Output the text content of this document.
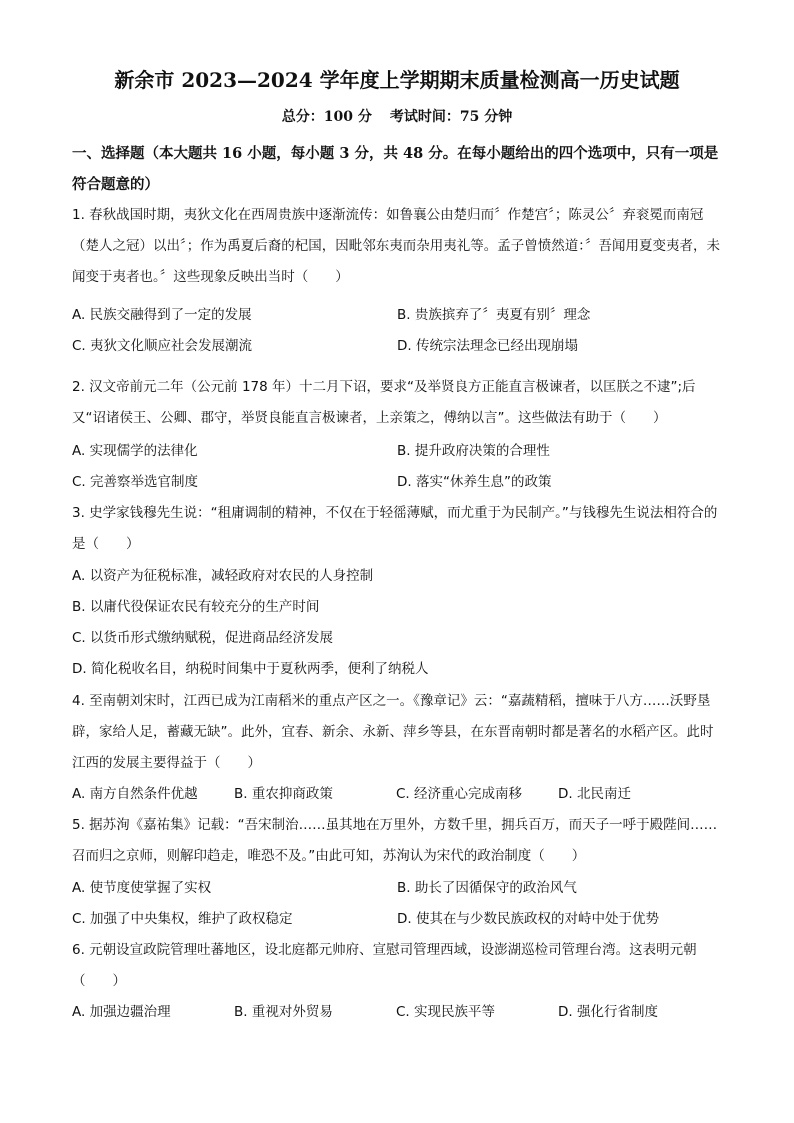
新余市 2023—2024 学年度上学期期末质量检测高一历史试题
总分：100 分 考试时间：75 分钟
一、选择题（本大题共 16 小题，每小题 3 分，共 48 分。在每小题给出的四个选项中，只有一项是符合题意的）
1. 春秋战国时期，夷狄文化在西周贵族中逐渐流传：如鲁襄公由楚归而〞作楚宫〞；陈灵公〞弃衮冕而南冠（楚人之冠）以出〞；作为禹夏后裔的杞国，因毗邻东夷而杂用夷礼等。孟子曾愤然道：〞吾闻用夏变夷者，未闻变于夷者也。〞这些现象反映出当时（　　）
A. 民族交融得到了一定的发展	B. 贵族摈弃了〞夷夏有别〞理念
C. 夷狄文化顺应社会发展潮流	D. 传统宗法理念已经出现崩塌
2. 汉文帝前元二年（公元前 178 年）十二月下诏，要求“及举贤良方正能直言极谏者，以匡朕之不逮”;后又“诏诸侯王、公卿、郡守，举贤良能直言极谏者，上亲策之，傅纳以言”。这些做法有助于（　　）
A. 实现儒学的法律化	B. 提升政府决策的合理性
C. 完善察举选官制度	D. 落实“休养生息”的政策
3. 史学家钱穆先生说：“租庸调制的精神，不仅在于轻徭薄赋，而尤重于为民制产。”与钱穆先生说法相符合的是（　　）
A. 以资产为征税标准，减轻政府对农民的人身控制
B. 以庸代役保证农民有较充分的生产时间
C. 以货币形式缴纳赋税，促进商品经济发展
D. 简化税收名目，纳税时间集中于夏秋两季，便利了纳税人
4. 至南朝刘宋时，江西已成为江南稻米的重点产区之一。《豫章记》云：“嘉蔬精稻，擅味于八方……沃野垦辟，家给人足，蓄藏无缺”。此外，宜春、新余、永新、萍乡等县，在东晋南朝时都是著名的水稻产区。此时江西的发展主要得益于（　　）
A. 南方自然条件优越	B. 重农抑商政策	C. 经济重心完成南移	D. 北民南迁
5. 据苏洵《嘉祐集》记载：“吾宋制治……虽其地在万里外，方数千里，拥兵百万，而天子一呼于殿陛间……召而归之京师，则解印趋走，唯恐不及。”由此可知，苏洵认为宋代的政治制度（　　）
A. 使节度使掌握了实权	B. 助长了因循保守的政治风气
C. 加强了中央集权，维护了政权稳定	D. 使其在与少数民族政权的对峙中处于优势
6. 元朝设宣政院管理吐蕃地区，设北庭都元帅府、宣慰司管理西域，设澎湖巡检司管理台湾。这表明元朝（　　）
A. 加强边疆治理	B. 重视对外贸易	C. 实现民族平等	D. 强化行省制度
